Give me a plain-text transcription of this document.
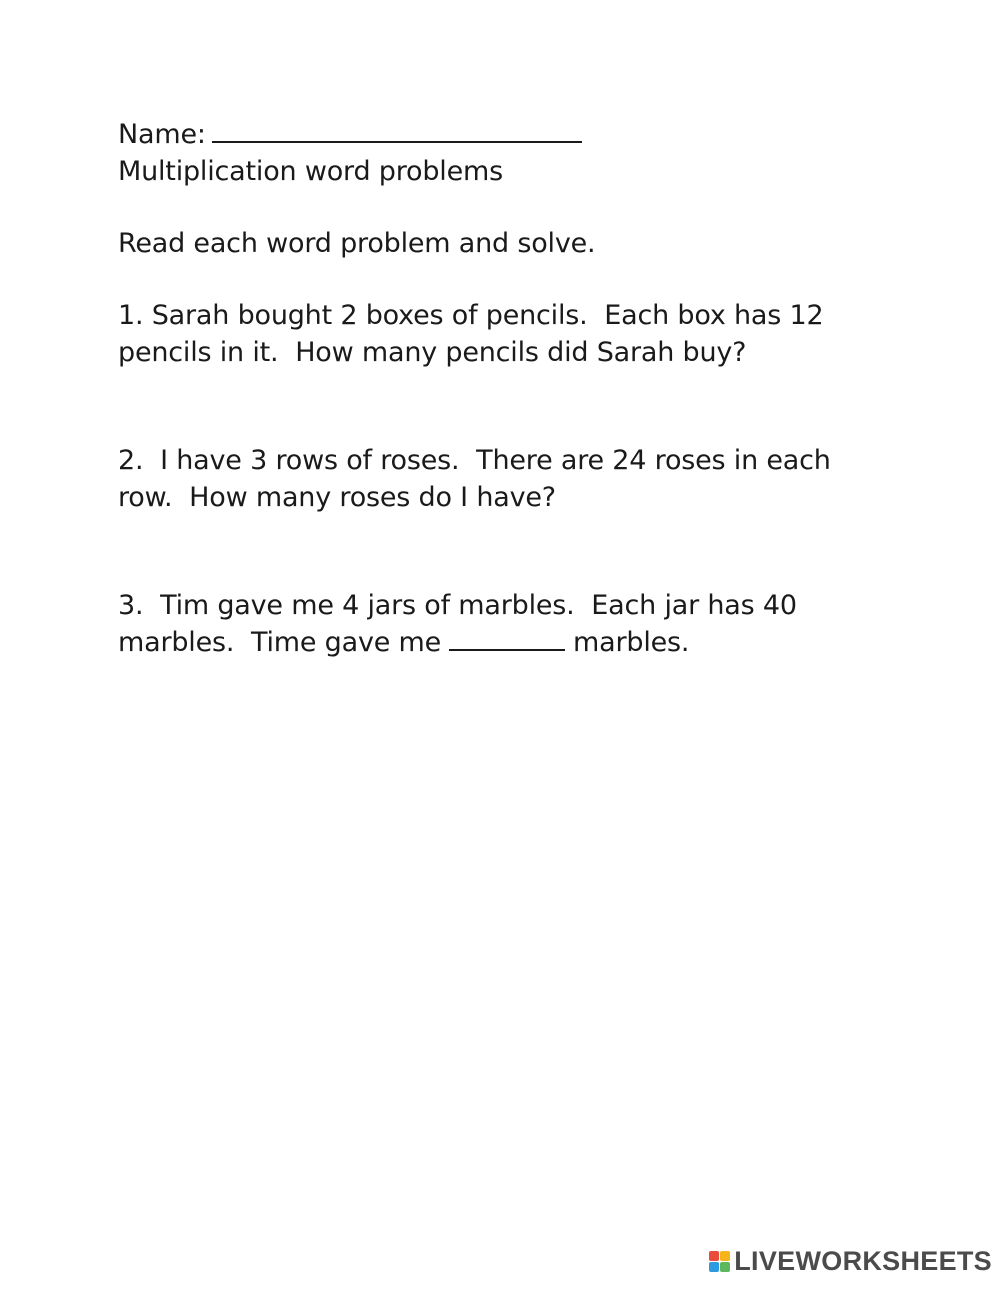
Name:
Multiplication word problems
Read each word problem and solve.
1. Sarah bought 2 boxes of pencils.  Each box has 12
pencils in it.  How many pencils did Sarah buy?
2.  I have 3 rows of roses.  There are 24 roses in each
row.  How many roses do I have?
3.  Tim gave me 4 jars of marbles.  Each jar has 40
marbles.  Time gave me	marbles.
LIVEWORKSHEETS
